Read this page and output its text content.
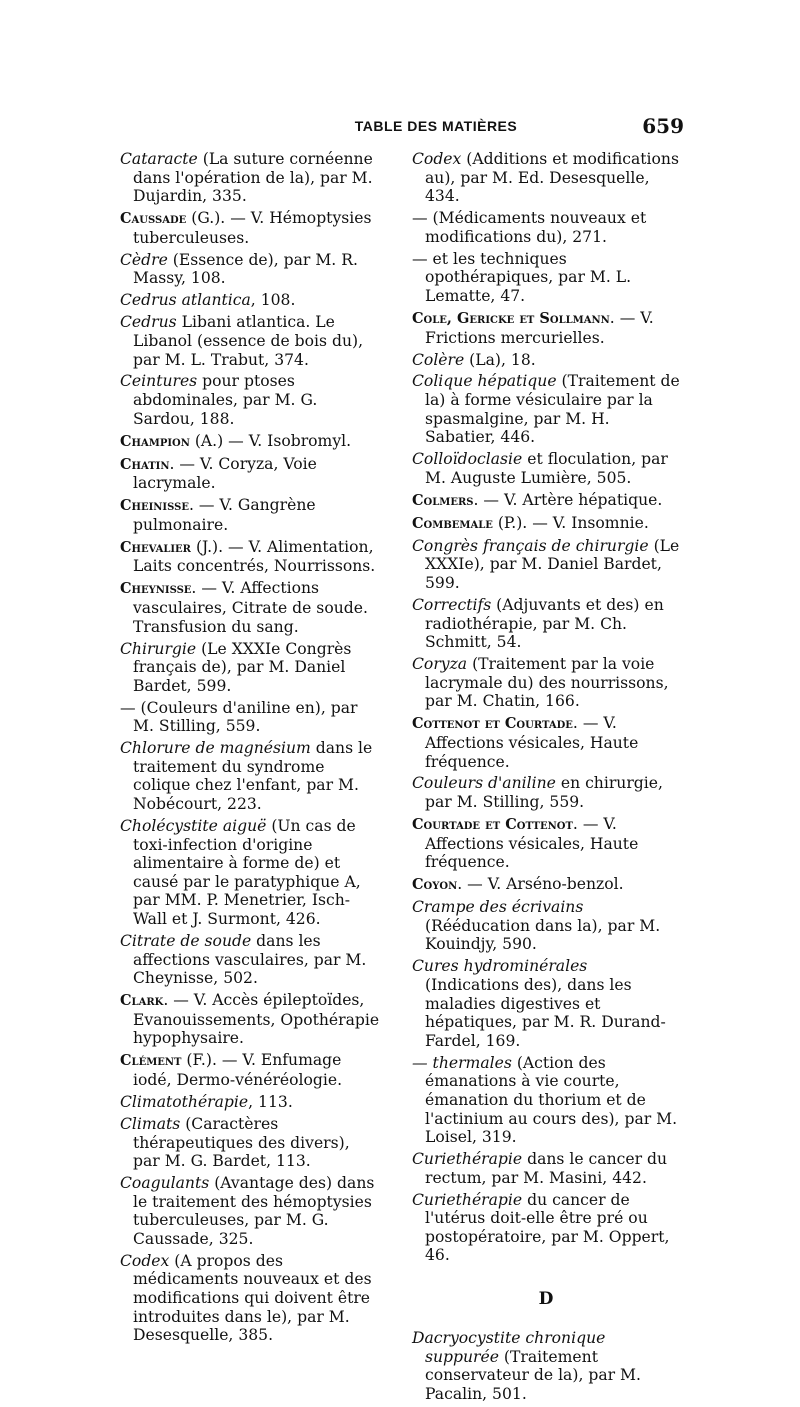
TABLE DES MATIÈRES	659
Cataracte (La suture cornéenne dans l'opération de la), par M. Dujardin, 335.
Caussade (G.). — V. Hémoptysies tuberculeuses.
Cèdre (Essence de), par M. R. Massy, 108.
Cedrus atlantica, 108.
Cedrus Libani atlantica. Le Libanol (essence de bois du), par M. L. Trabut, 374.
Ceintures pour ptoses abdominales, par M. G. Sardou, 188.
Champion (A.) — V. Isobromyl.
Chatin. — V. Coryza, Voie lacrymale.
Cheinisse. — V. Gangrène pulmonaire.
Chevalier (J.). — V. Alimentation, Laits concentrés, Nourrissons.
Cheynisse. — V. Affections vasculaires, Citrate de soude. Transfusion du sang.
Chirurgie (Le XXXIe Congrès français de), par M. Daniel Bardet, 599.
— (Couleurs d'aniline en), par M. Stilling, 559.
Chlorure de magnésium dans le traitement du syndrome colique chez l'enfant, par M. Nobécourt, 223.
Cholécystite aiguë (Un cas de toxi-infection d'origine alimentaire à forme de) et causé par le paratyphique A, par MM. P. Menetrier, Isch-Wall et J. Surmont, 426.
Citrate de soude dans les affections vasculaires, par M. Cheynisse, 502.
Clark. — V. Accès épileptoïdes, Evanouissements, Opothérapie hypophysaire.
Clément (F.). — V. Enfumage iodé, Dermo-vénéréologie.
Climatothérapie, 113.
Climats (Caractères thérapeutiques des divers), par M. G. Bardet, 113.
Coagulants (Avantage des) dans le traitement des hémoptysies tuberculeuses, par M. G. Caussade, 325.
Codex (A propos des médicaments nouveaux et des modifications qui doivent être introduites dans le), par M. Desesquelle, 385.
Codex (Additions et modifications au), par M. Ed. Desesquelle, 434.
— (Médicaments nouveaux et modifications du), 271.
— et les techniques opothérapiques, par M. L. Lematte, 47.
Cole, Gericke et Sollmann. — V. Frictions mercurielles.
Colère (La), 18.
Colique hépatique (Traitement de la) à forme vésiculaire par la spasmalgine, par M. H. Sabatier, 446.
Colloïdoclasie et floculation, par M. Auguste Lumière, 505.
Colmers. — V. Artère hépatique.
Combemale (P.). — V. Insomnie.
Congrès français de chirurgie (Le XXXIe), par M. Daniel Bardet, 599.
Correctifs (Adjuvants et des) en radiothérapie, par M. Ch. Schmitt, 54.
Coryza (Traitement par la voie lacrymale du) des nourrissons, par M. Chatin, 166.
Cottenot et Courtade. — V. Affections vésicales, Haute fréquence.
Couleurs d'aniline en chirurgie, par M. Stilling, 559.
Courtade et Cottenot. — V. Affections vésicales, Haute fréquence.
Coyon. — V. Arséno-benzol.
Crampe des écrivains (Rééducation dans la), par M. Kouindjy, 590.
Cures hydrominérales (Indications des), dans les maladies digestives et hépatiques, par M. R. Durand-Fardel, 169.
— thermales (Action des émanations à vie courte, émanation du thorium et de l'actinium au cours des), par M. Loisel, 319.
Curiethérapie dans le cancer du rectum, par M. Masini, 442.
Curiethérapie du cancer de l'utérus doit-elle être pré ou postopératoire, par M. Oppert, 46.
D
Dacryocystite chronique suppurée (Traitement conservateur de la), par M. Pacalin, 501.
